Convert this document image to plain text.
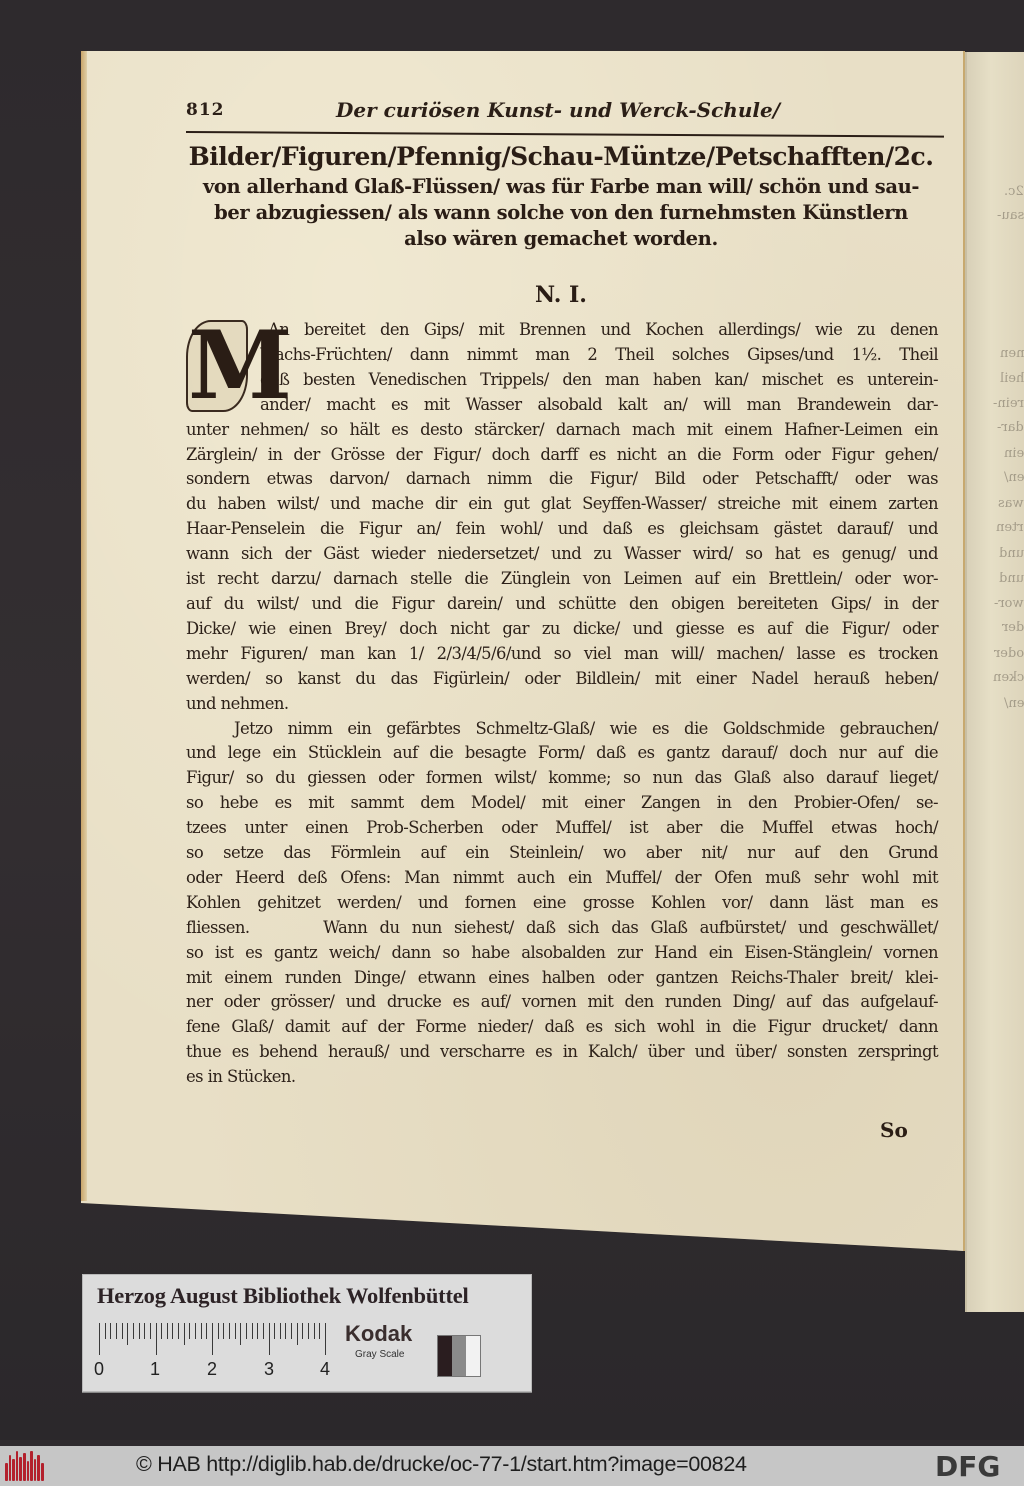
2c.
sau-
nen
heil
rein-
dar-
ein
en/
was
rten
und
und
wor-
der
oder
cken
en/
812	Der curiösen Kunst- und Werck-Schule/
Bilder/Figuren/Pfennig/Schau-Müntze/Petschafften/2c.
von allerhand Glaß-Flüssen/ was für Farbe man will/ schön und sau-
ber abzugiessen/ als wann solche von den furnehmsten Künstlern
also wären gemachet worden.
N. I.
M
An bereitet den Gips/ mit Brennen und Kochen allerdings/ wie zu denen
Wachs-Früchten/ dann nimmt man 2 Theil solches Gipses/und 1½. Theil
deß besten Venedischen Trippels/ den man haben kan/ mischet es unterein-
ander/ macht es mit Wasser alsobald kalt an/ will man Brandewein dar-
unter nehmen/ so hält es desto stärcker/ darnach mach mit einem Hafner-Leimen ein
Zärglein/ in der Grösse der Figur/ doch darff es nicht an die Form oder Figur gehen/
sondern etwas darvon/ darnach nimm die Figur/ Bild oder Petschafft/ oder was
du haben wilst/ und mache dir ein gut glat Seyffen-Wasser/ streiche mit einem zarten
Haar-Penselein die Figur an/ fein wohl/ und daß es gleichsam gästet darauf/ und
wann sich der Gäst wieder niedersetzet/ und zu Wasser wird/ so hat es genug/ und
ist recht darzu/ darnach stelle die Zünglein von Leimen auf ein Brettlein/ oder wor-
auf du wilst/ und die Figur darein/ und schütte den obigen bereiteten Gips/ in der
Dicke/ wie einen Brey/ doch nicht gar zu dicke/ und giesse es auf die Figur/ oder
mehr Figuren/ man kan 1/ 2/3/4/5/6/und so viel man will/ machen/ lasse es trocken
werden/ so kanst du das Figürlein/ oder Bildlein/ mit einer Nadel herauß heben/
und nehmen.
Jetzo nimm ein gefärbtes Schmeltz-Glaß/ wie es die Goldschmide gebrauchen/
und lege ein Stücklein auf die besagte Form/ daß es gantz darauf/ doch nur auf die
Figur/ so du giessen oder formen wilst/ komme; so nun das Glaß also darauf lieget/
so hebe es mit sammt dem Model/ mit einer Zangen in den Probier-Ofen/ se-
tzees unter einen Prob-Scherben oder Muffel/ ist aber die Muffel etwas hoch/
so setze das Förmlein auf ein Steinlein/ wo aber nit/ nur auf den Grund
oder Heerd deß Ofens: Man nimmt auch ein Muffel/ der Ofen muß sehr wohl mit
Kohlen gehitzet werden/ und fornen eine grosse Kohlen vor/ dann läst man es
fliessen.      Wann du nun siehest/ daß sich das Glaß aufbürstet/ und geschwället/
so ist es gantz weich/ dann so habe alsobalden zur Hand ein Eisen-Stänglein/ vornen
mit einem runden Dinge/ etwann eines halben oder gantzen Reichs-Thaler breit/ klei-
ner oder grösser/ und drucke es auf/ vornen mit den runden Ding/ auf das aufgelauf-
fene Glaß/ damit auf der Forme nieder/ daß es sich wohl in die Figur drucket/ dann
thue es behend herauß/ und verscharre es in Kalch/ über und über/ sonsten zerspringt
es in Stücken.
So
Herzog August Bibliothek Wolfenbüttel
0	1	2	3	4
Kodak
Gray Scale
© HAB http://diglib.hab.de/drucke/oc-77-1/start.htm?image=00824	DFG
